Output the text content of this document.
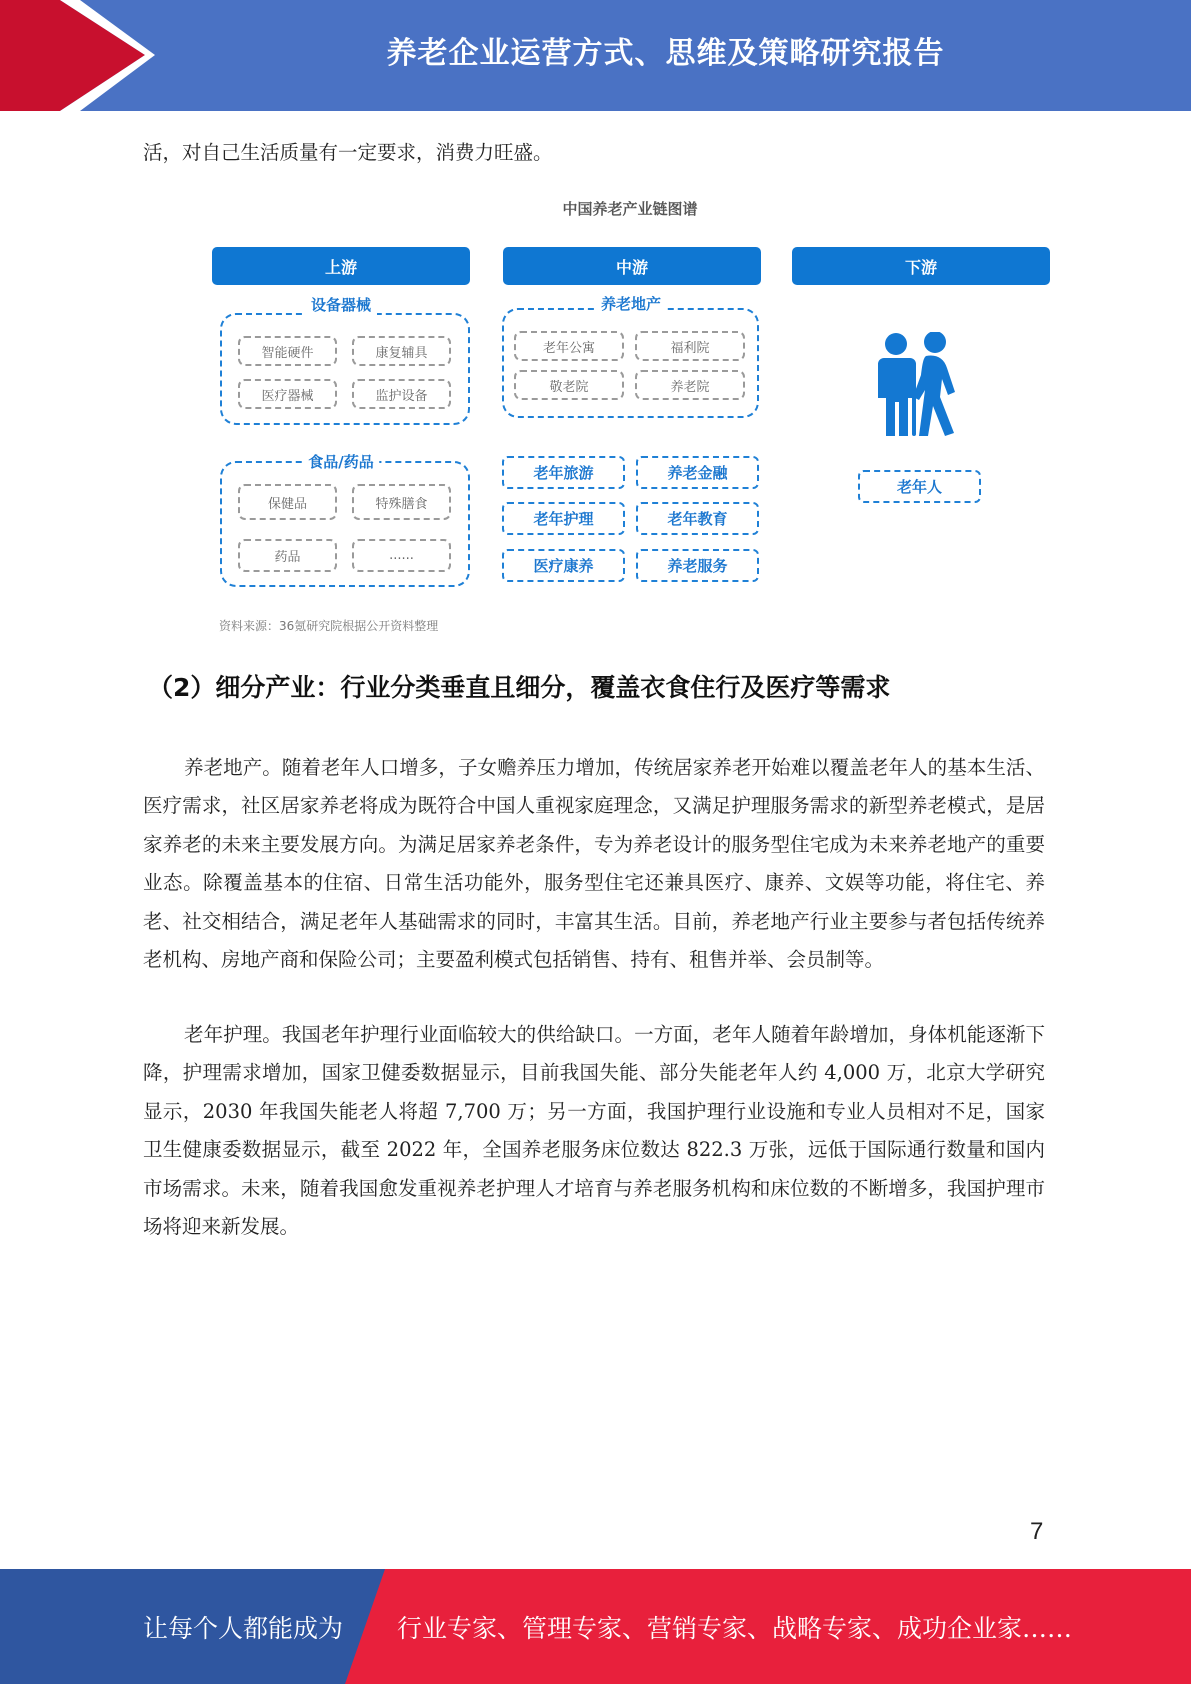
养老企业运营方式、思维及策略研究报告
活，对自己生活质量有一定要求，消费力旺盛。
中国养老产业链图谱
上游	中游	下游
设备器械
智能硬件	康复辅具
医疗器械	监护设备
食品/药品
保健品	特殊膳食
药品	......
养老地产
老年公寓	福利院
敬老院	养老院
老年旅游	养老金融
老年护理	老年教育
医疗康养	养老服务
老年人
资料来源：36氪研究院根据公开资料整理
（2）细分产业：行业分类垂直且细分，覆盖衣食住行及医疗等需求
养老地产。随着老年人口增多，子女赡养压力增加，传统居家养老开始难以覆盖老年人的基本生活、医疗需求，社区居家养老将成为既符合中国人重视家庭理念，又满足护理服务需求的新型养老模式，是居家养老的未来主要发展方向。为满足居家养老条件，专为养老设计的服务型住宅成为未来养老地产的重要业态。除覆盖基本的住宿、日常生活功能外，服务型住宅还兼具医疗、康养、文娱等功能，将住宅、养老、社交相结合，满足老年人基础需求的同时，丰富其生活。目前，养老地产行业主要参与者包括传统养老机构、房地产商和保险公司；主要盈利模式包括销售、持有、租售并举、会员制等。
老年护理。我国老年护理行业面临较大的供给缺口。一方面，老年人随着年龄增加，身体机能逐渐下降，护理需求增加，国家卫健委数据显示，目前我国失能、部分失能老年人约 4,000 万，北京大学研究显示，2030 年我国失能老人将超 7,700 万；另一方面，我国护理行业设施和专业人员相对不足，国家卫生健康委数据显示，截至 2022 年，全国养老服务床位数达 822.3 万张，远低于国际通行数量和国内市场需求。未来，随着我国愈发重视养老护理人才培育与养老服务机构和床位数的不断增多，我国护理市场将迎来新发展。
7
让每个人都能成为 行业专家、管理专家、营销专家、战略专家、成功企业家……
